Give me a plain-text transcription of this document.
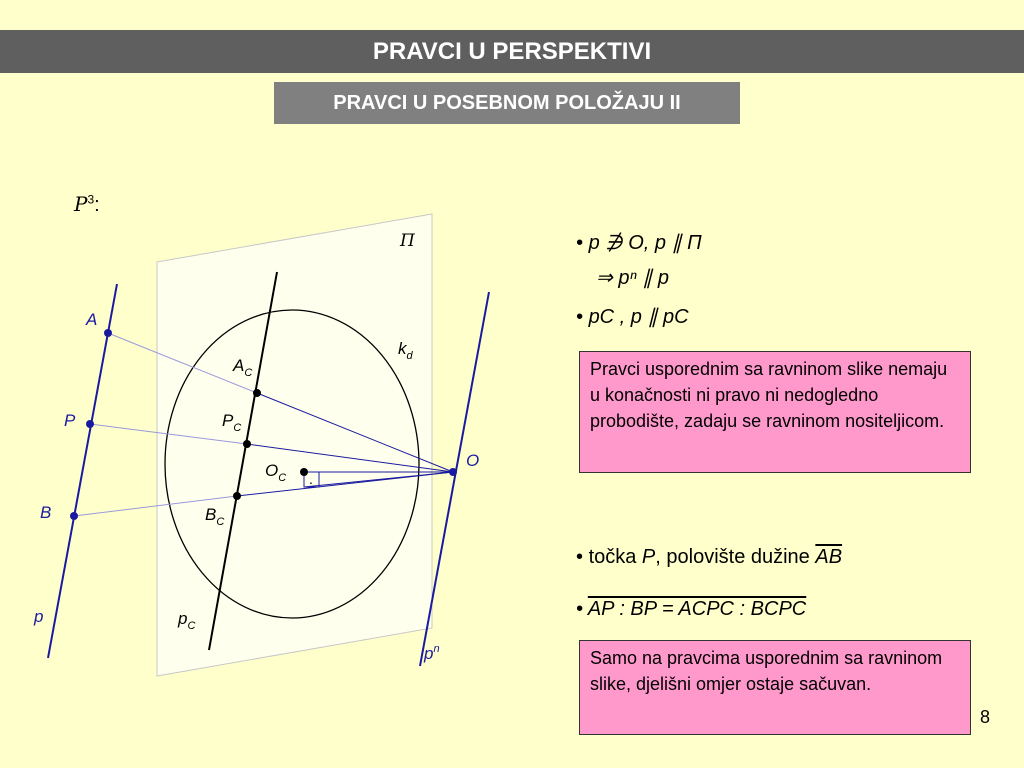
PRAVCI U PERSPEKTIVI
PRAVCI U POSEBNOM POLOŽAJU II
$P^3$:
.
A
P
B
p
O
$p^n$
Π
$k_d$
$A_C$
$P_C$
$O_C$
$B_C$
$p_C$
• p ∌ O, p ∥ Π
⇒ pⁿ ∥ p
• pC , p ∥ pC
• točka P, polovište dužine $\overline{AB}$
• AP : BP = ACPC : BCPC
Pravci usporednim sa ravninom slike nemaju u konačnosti ni pravo ni nedogledno probodište, zadaju se ravninom nositeljicom.
Samo na pravcima usporednim sa ravninom slike, djelišni omjer ostaje sačuvan.
8
